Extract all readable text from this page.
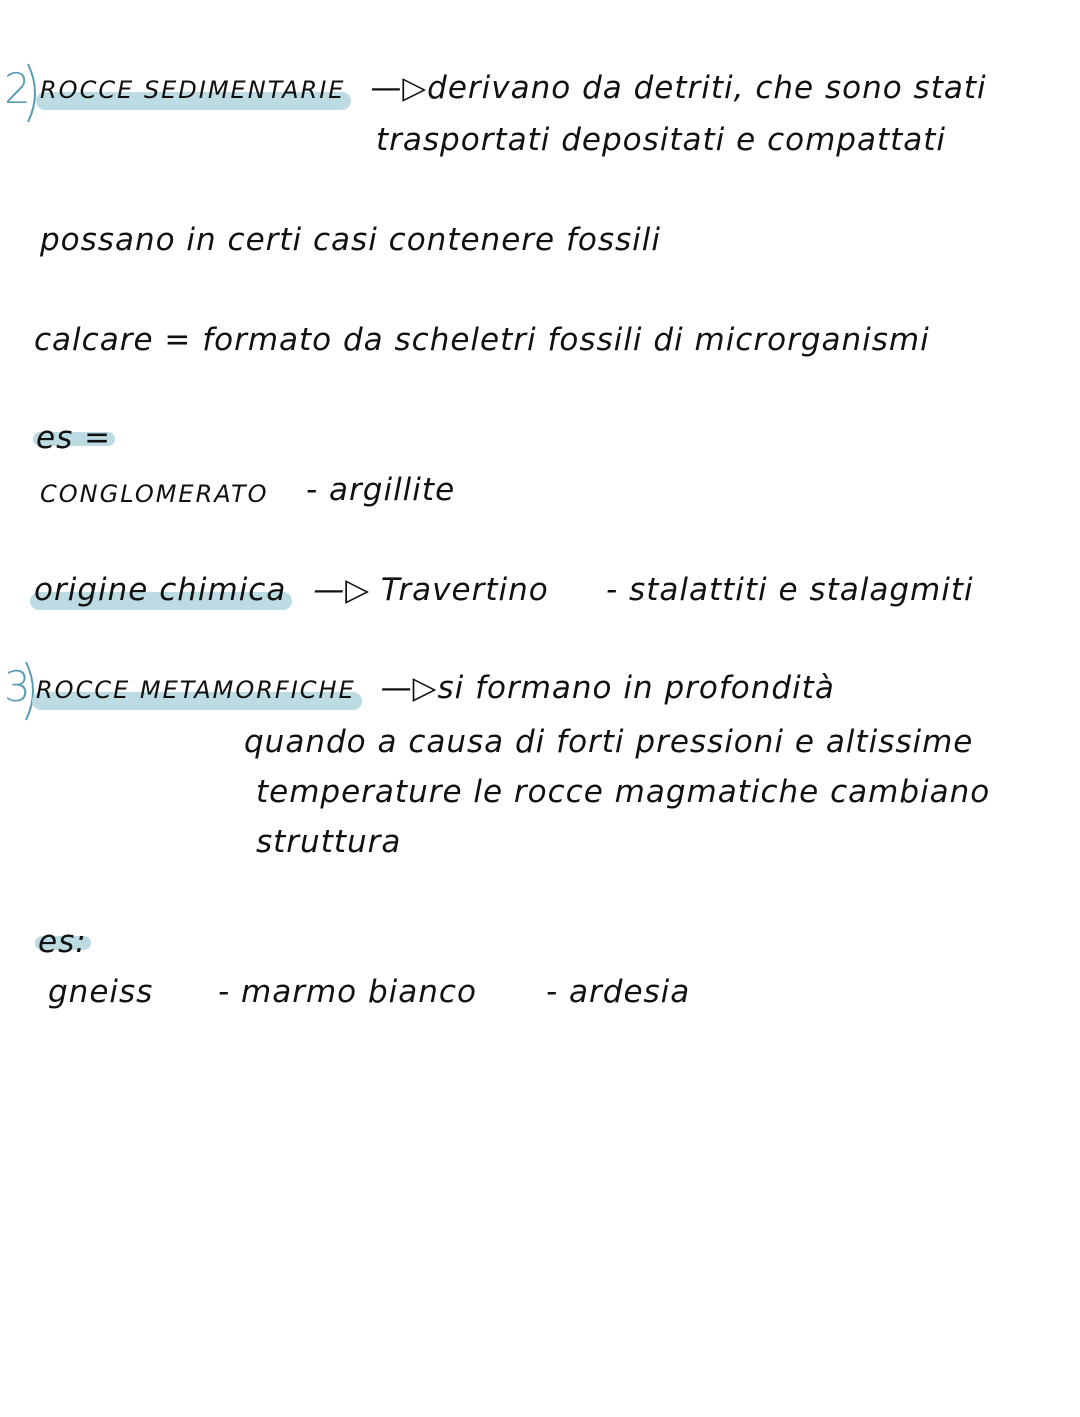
2 ROCCE SEDIMENTARIE —▷derivano da detriti, che sono stati
trasportati depositati e compattati
possano in certi casi contenere fossili
calcare = formato da scheletri fossili di microrganismi
es =
CONGLOMERATO - argillite
origine chimica —▷ Travertino - stalattiti e stalagmiti
3 ROCCE METAMORFICHE —▷si formano in profondità
quando a causa di forti pressioni e altissime
temperature le rocce magmatiche cambiano
struttura
es:
gneiss - marmo bianco - ardesia
